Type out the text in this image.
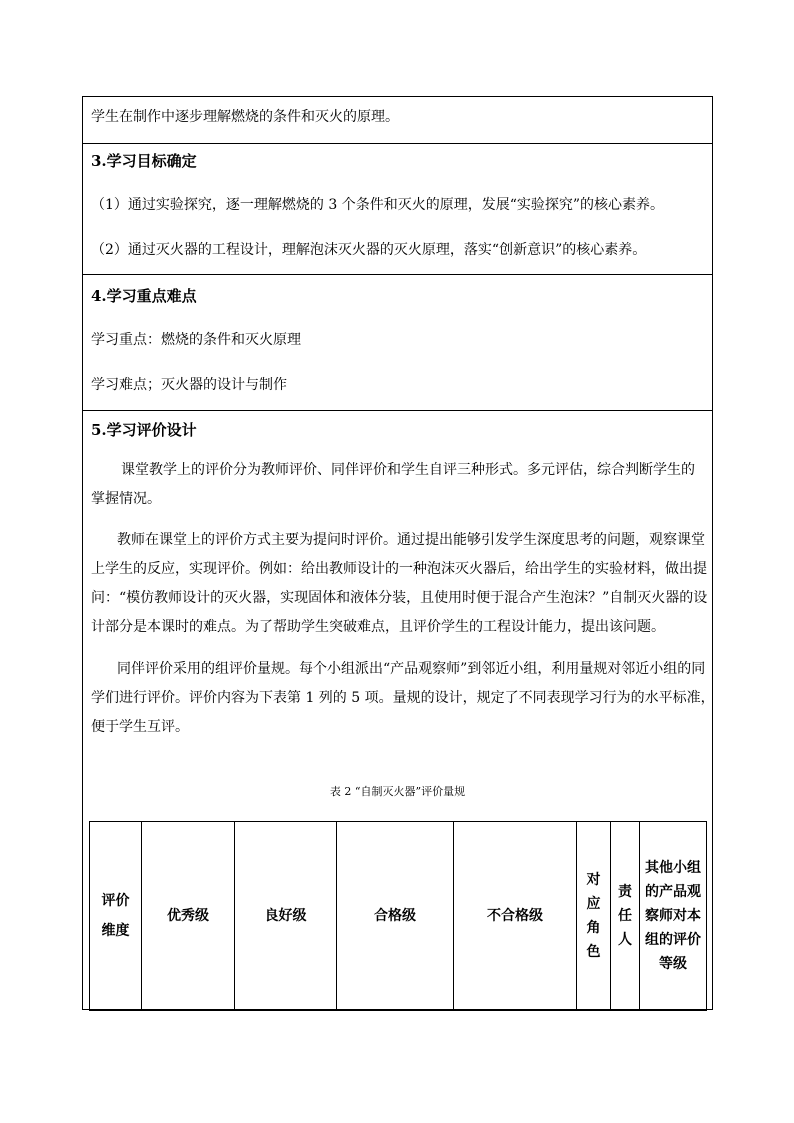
学生在制作中逐步理解燃烧的条件和灭火的原理。
3.学习目标确定
（1）通过实验探究，逐一理解燃烧的 3 个条件和灭火的原理，发展“实验探究”的核心素养。
（2）通过灭火器的工程设计，理解泡沫灭火器的灭火原理，落实“创新意识”的核心素养。
4.学习重点难点
学习重点：燃烧的条件和灭火原理
学习难点；灭火器的设计与制作
5.学习评价设计
课堂教学上的评价分为教师评价、同伴评价和学生自评三种形式。多元评估，综合判断学生的
掌握情况。
教师在课堂上的评价方式主要为提问时评价。通过提出能够引发学生深度思考的问题，观察课堂
上学生的反应，实现评价。例如：给出教师设计的一种泡沫灭火器后，给出学生的实验材料，做出提
问：“模仿教师设计的灭火器，实现固体和液体分装，且使用时便于混合产生泡沫？”自制灭火器的设
计部分是本课时的难点。为了帮助学生突破难点，且评价学生的工程设计能力，提出该问题。
同伴评价采用的组评价量规。每个小组派出“产品观察师”到邻近小组，利用量规对邻近小组的同
学们进行评价。评价内容为下表第 1 列的 5 项。量规的设计，规定了不同表现学习行为的水平标准，
便于学生互评。
表 2 “自制灭火器”评价量规
评价维度	优秀级	良好级	合格级	不合格级	对应角色	责任人	其他小组的产品观察师对本组的评价等级
